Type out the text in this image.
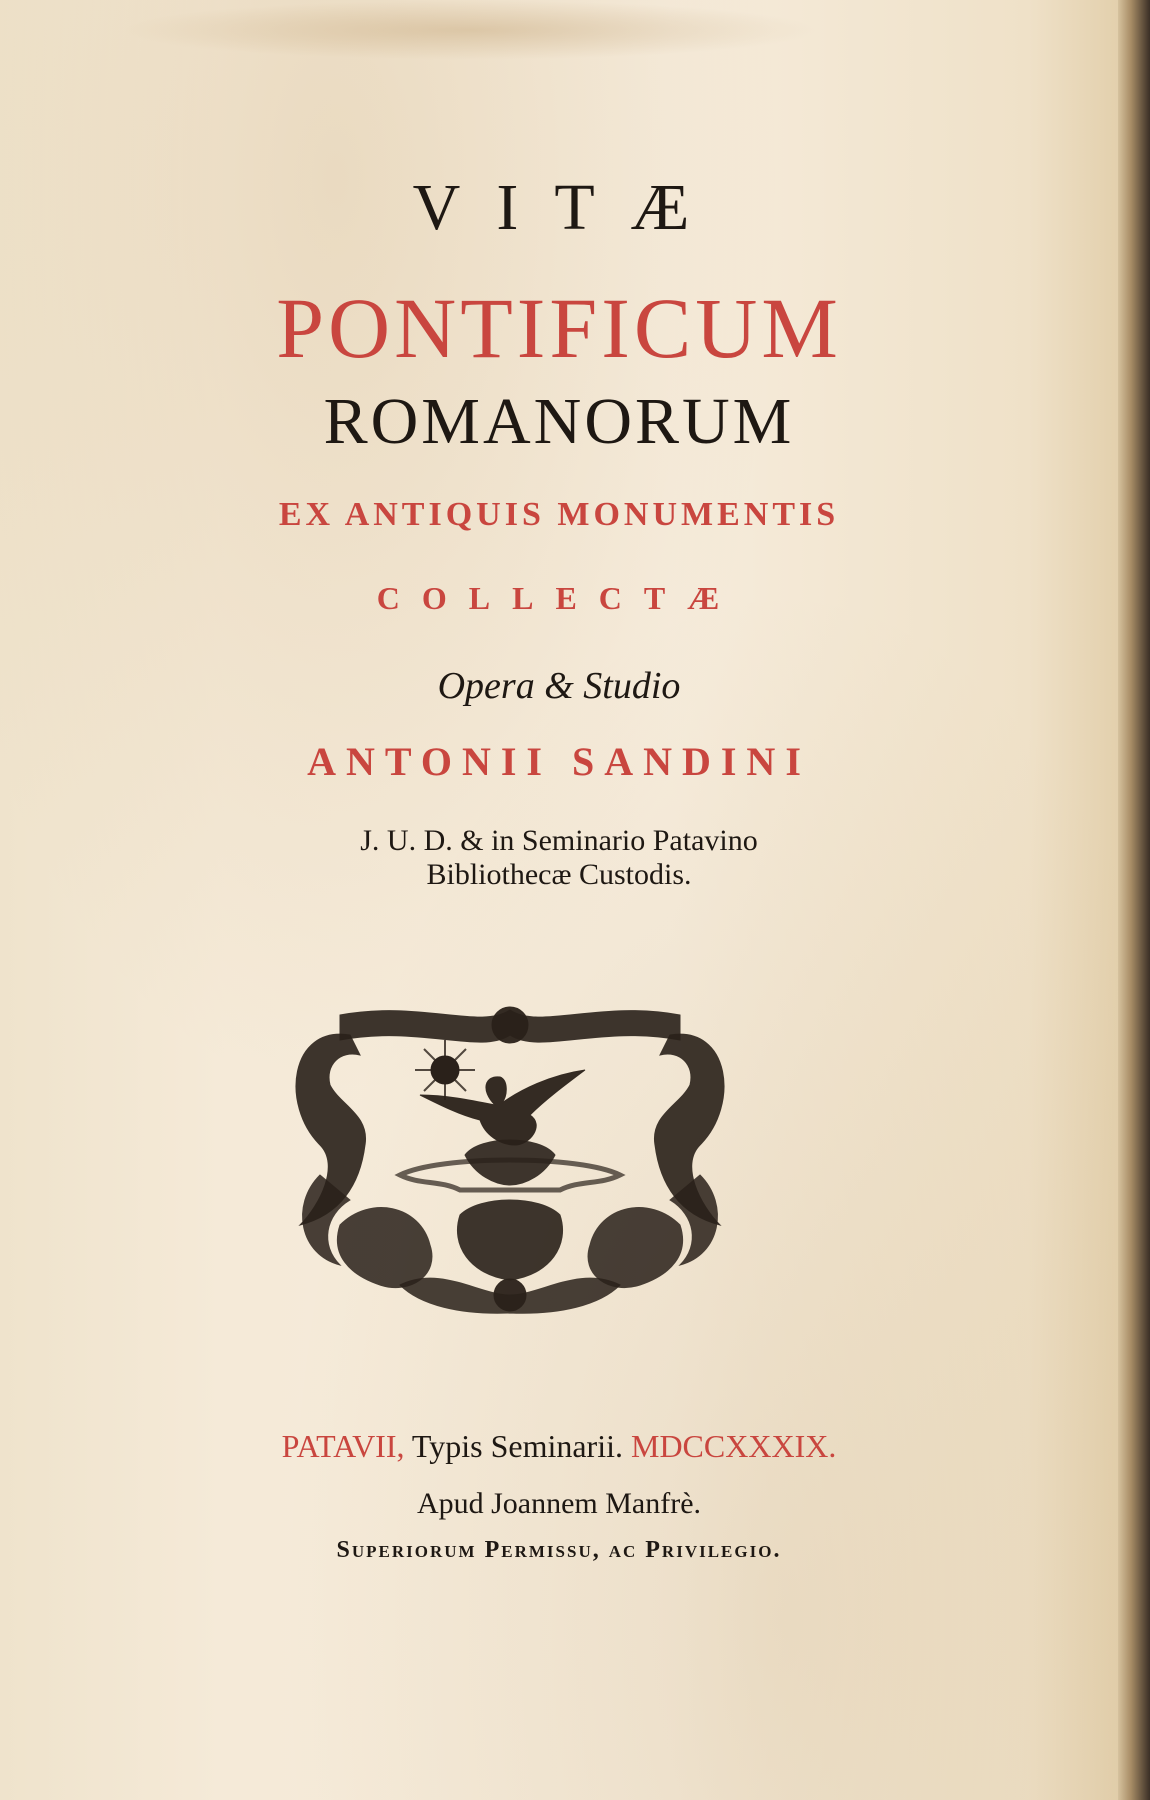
VITÆ
PONTIFICUM
ROMANORUM
EX ANTIQUIS MONUMENTIS
COLLECTÆ
Opera & Studio
ANTONII SANDINI
J. U. D. & in Seminario Patavino
Bibliothecæ Custodis.
PATAVII, Typis Seminarii. MDCCXXXIX.
Apud Joannem Manfrè.
Superiorum Permissu, ac Privilegio.
